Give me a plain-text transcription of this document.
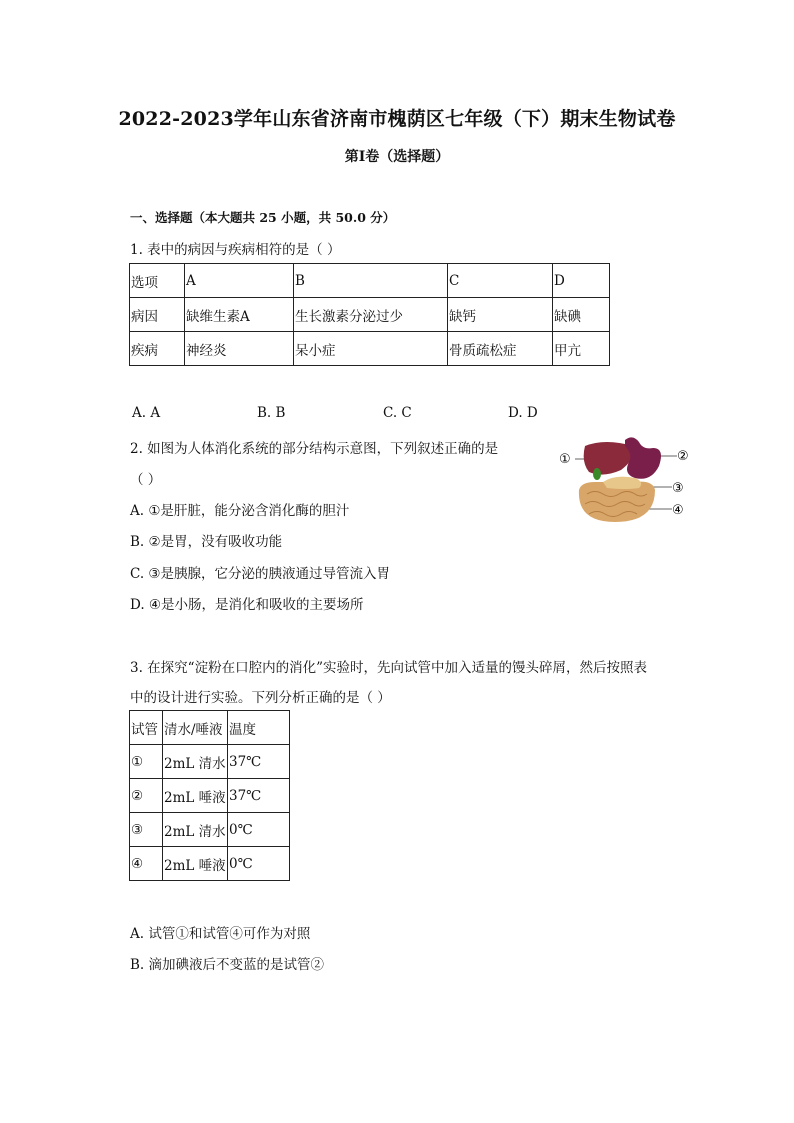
2022-2023学年山东省济南市槐荫区七年级（下）期末生物试卷
第I卷（选择题）
一、选择题（本大题共 25 小题，共 50.0 分）
1. 表中的病因与疾病相符的是（ ）
选项	A	B	C	D
病因	缺维生素A	生长激素分泌过少	缺钙	缺碘
疾病	神经炎	呆小症	骨质疏松症	甲亢
A. A	B. B	C. C	D. D
2. 如图为人体消化系统的部分结构示意图，下列叙述正确的是
（ ）
①	②
③
④
A. ①是肝脏，能分泌含消化酶的胆汁
B. ②是胃，没有吸收功能
C. ③是胰腺，它分泌的胰液通过导管流入胃
D. ④是小肠，是消化和吸收的主要场所
3. 在探究“淀粉在口腔内的消化”实验时，先向试管中加入适量的馒头碎屑，然后按照表
中的设计进行实验。下列分析正确的是（ ）
试管	清水/唾液	温度
①	2mL 清水	37℃
②	2mL 唾液	37℃
③	2mL 清水	0℃
④	2mL 唾液	0℃
A. 试管①和试管④可作为对照
B. 滴加碘液后不变蓝的是试管②
